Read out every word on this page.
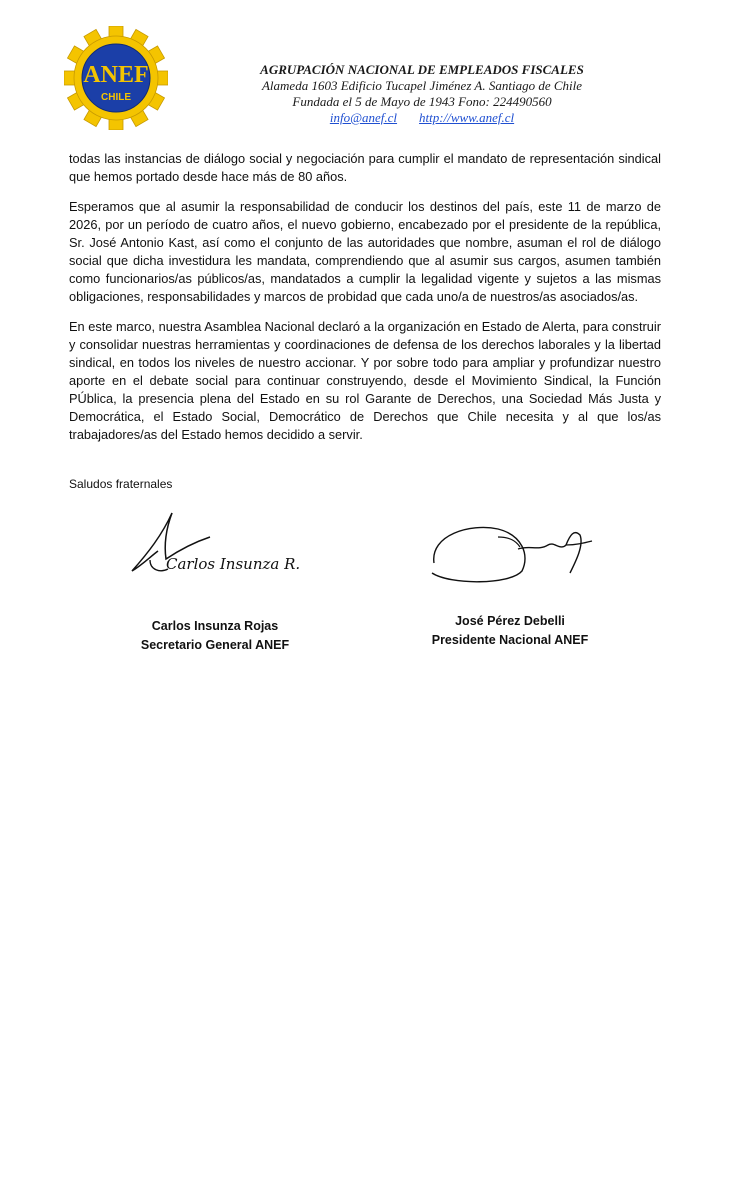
ANEF
CHILE
AGRUPACIÓN NACIONAL DE EMPLEADOS FISCALES
Alameda 1603 Edificio Tucapel Jiménez A. Santiago de Chile
Fundada el 5 de Mayo de 1943 Fono: 224490560
info@anef.cl http://www.anef.cl

todas las instancias de diálogo social y negociación para cumplir el mandato de representación sindical que hemos portado desde hace más de 80 años.

Esperamos que al asumir la responsabilidad de conducir los destinos del país, este 11 de marzo de 2026, por un período de cuatro años, el nuevo gobierno, encabezado por el presidente de la república, Sr. José Antonio Kast, así como el conjunto de las autoridades que nombre, asuman el rol de diálogo social que dicha investidura les mandata, comprendiendo que al asumir sus cargos, asumen también como funcionarios/as públicos/as, mandatados a cumplir la legalidad vigente y sujetos a las mismas obligaciones, responsabilidades y marcos de probidad que cada uno/a de nuestros/as asociados/as.

En este marco, nuestra Asamblea Nacional declaró a la organización en Estado de Alerta, para construir y consolidar nuestras herramientas y coordinaciones de defensa de los derechos laborales y la libertad sindical, en todos los niveles de nuestro accionar. Y por sobre todo para ampliar y profundizar nuestro aporte en el debate social para continuar construyendo, desde el Movimiento Sindical, la Función PÚblica, la presencia plena del Estado en su rol Garante de Derechos, una Sociedad Más Justa y Democrática, el Estado Social, Democrático de Derechos que Chile necesita y al que los/as trabajadores/as del Estado hemos decidido a servir.

Saludos fraternales
Carlos Insunza R.
Carlos Insunza Rojas
Secretario General ANEF
José Pérez Debelli
Presidente Nacional ANEF
